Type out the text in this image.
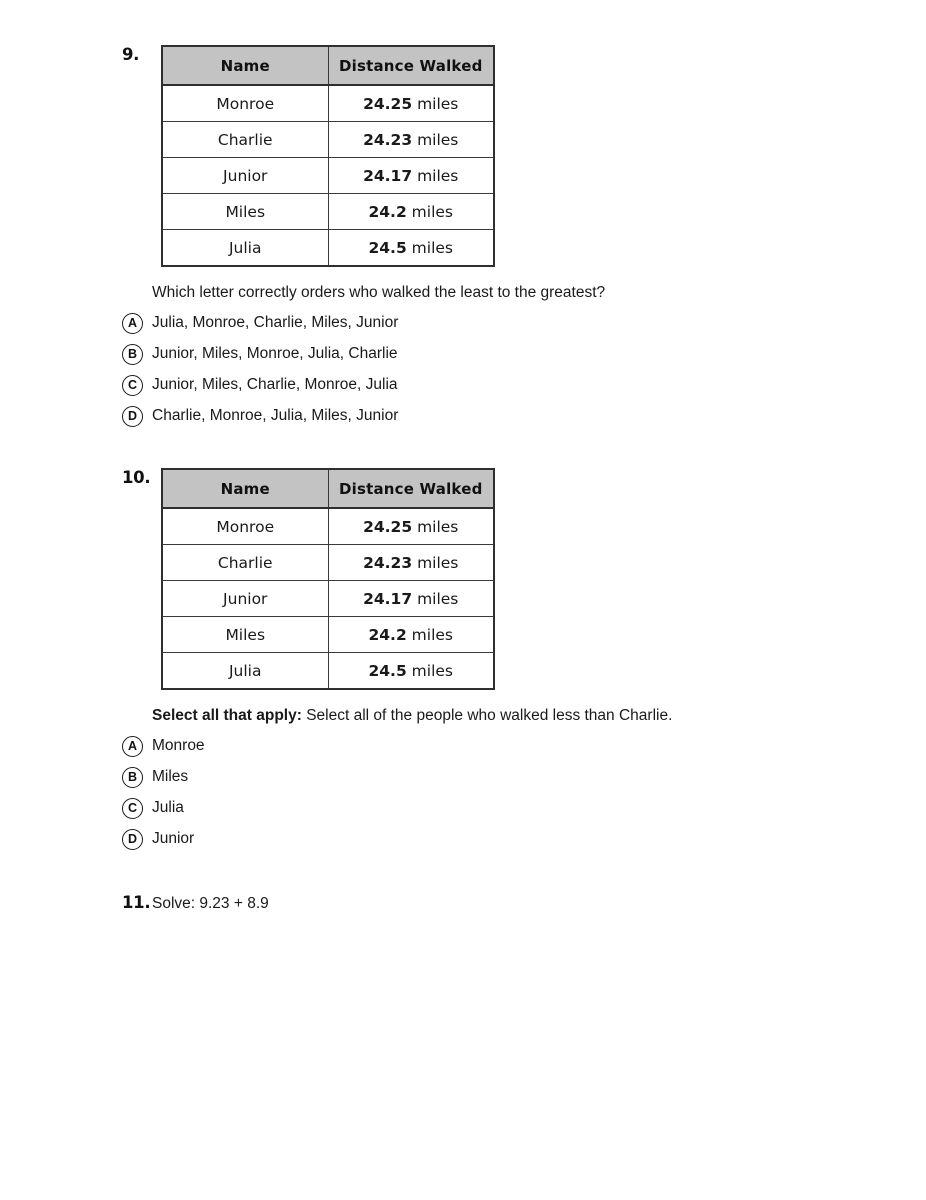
9.
Name	Distance Walked
Monroe	24.25 miles
Charlie	24.23 miles
Junior	24.17 miles
Miles	24.2 miles
Julia	24.5 miles
Which letter correctly orders who walked the least to the greatest?
A Julia, Monroe, Charlie, Miles, Junior
B Junior, Miles, Monroe, Julia, Charlie
C Junior, Miles, Charlie, Monroe, Julia
D Charlie, Monroe, Julia, Miles, Junior
10.
Name	Distance Walked
Monroe	24.25 miles
Charlie	24.23 miles
Junior	24.17 miles
Miles	24.2 miles
Julia	24.5 miles
Select all that apply: Select all of the people who walked less than Charlie.
A Monroe
B Miles
C Julia
D Junior
11. Solve: 9.23 + 8.9
